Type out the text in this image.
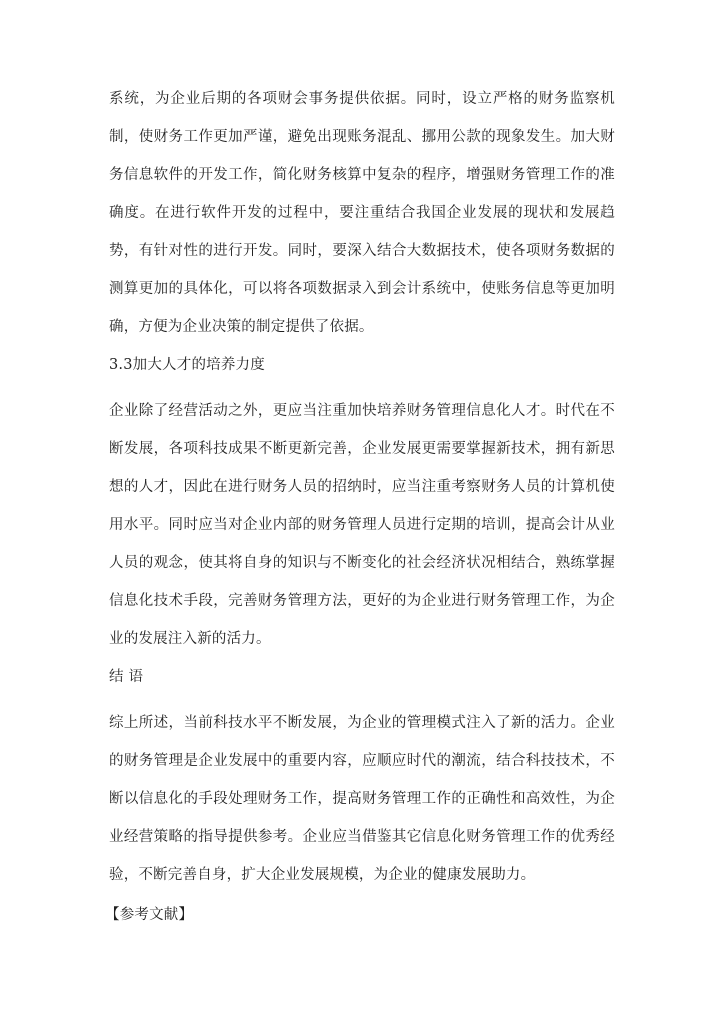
系统，为企业后期的各项财会事务提供依据。同时，设立严格的财务监察机
制，使财务工作更加严谨，避免出现账务混乱、挪用公款的现象发生。加大财
务信息软件的开发工作，简化财务核算中复杂的程序，增强财务管理工作的准
确度。在进行软件开发的过程中，要注重结合我国企业发展的现状和发展趋
势，有针对性的进行开发。同时，要深入结合大数据技术，使各项财务数据的
测算更加的具体化，可以将各项数据录入到会计系统中，使账务信息等更加明
确，方便为企业决策的制定提供了依据。
3.3加大人才的培养力度
企业除了经营活动之外，更应当注重加快培养财务管理信息化人才。时代在不
断发展，各项科技成果不断更新完善，企业发展更需要掌握新技术，拥有新思
想的人才，因此在进行财务人员的招纳时，应当注重考察财务人员的计算机使
用水平。同时应当对企业内部的财务管理人员进行定期的培训，提高会计从业
人员的观念，使其将自身的知识与不断变化的社会经济状况相结合，熟练掌握
信息化技术手段，完善财务管理方法，更好的为企业进行财务管理工作，为企
业的发展注入新的活力。
结 语
综上所述，当前科技水平不断发展，为企业的管理模式注入了新的活力。企业
的财务管理是企业发展中的重要内容，应顺应时代的潮流，结合科技技术，不
断以信息化的手段处理财务工作，提高财务管理工作的正确性和高效性，为企
业经营策略的指导提供参考。企业应当借鉴其它信息化财务管理工作的优秀经
验，不断完善自身，扩大企业发展规模，为企业的健康发展助力。
【参考文献】
